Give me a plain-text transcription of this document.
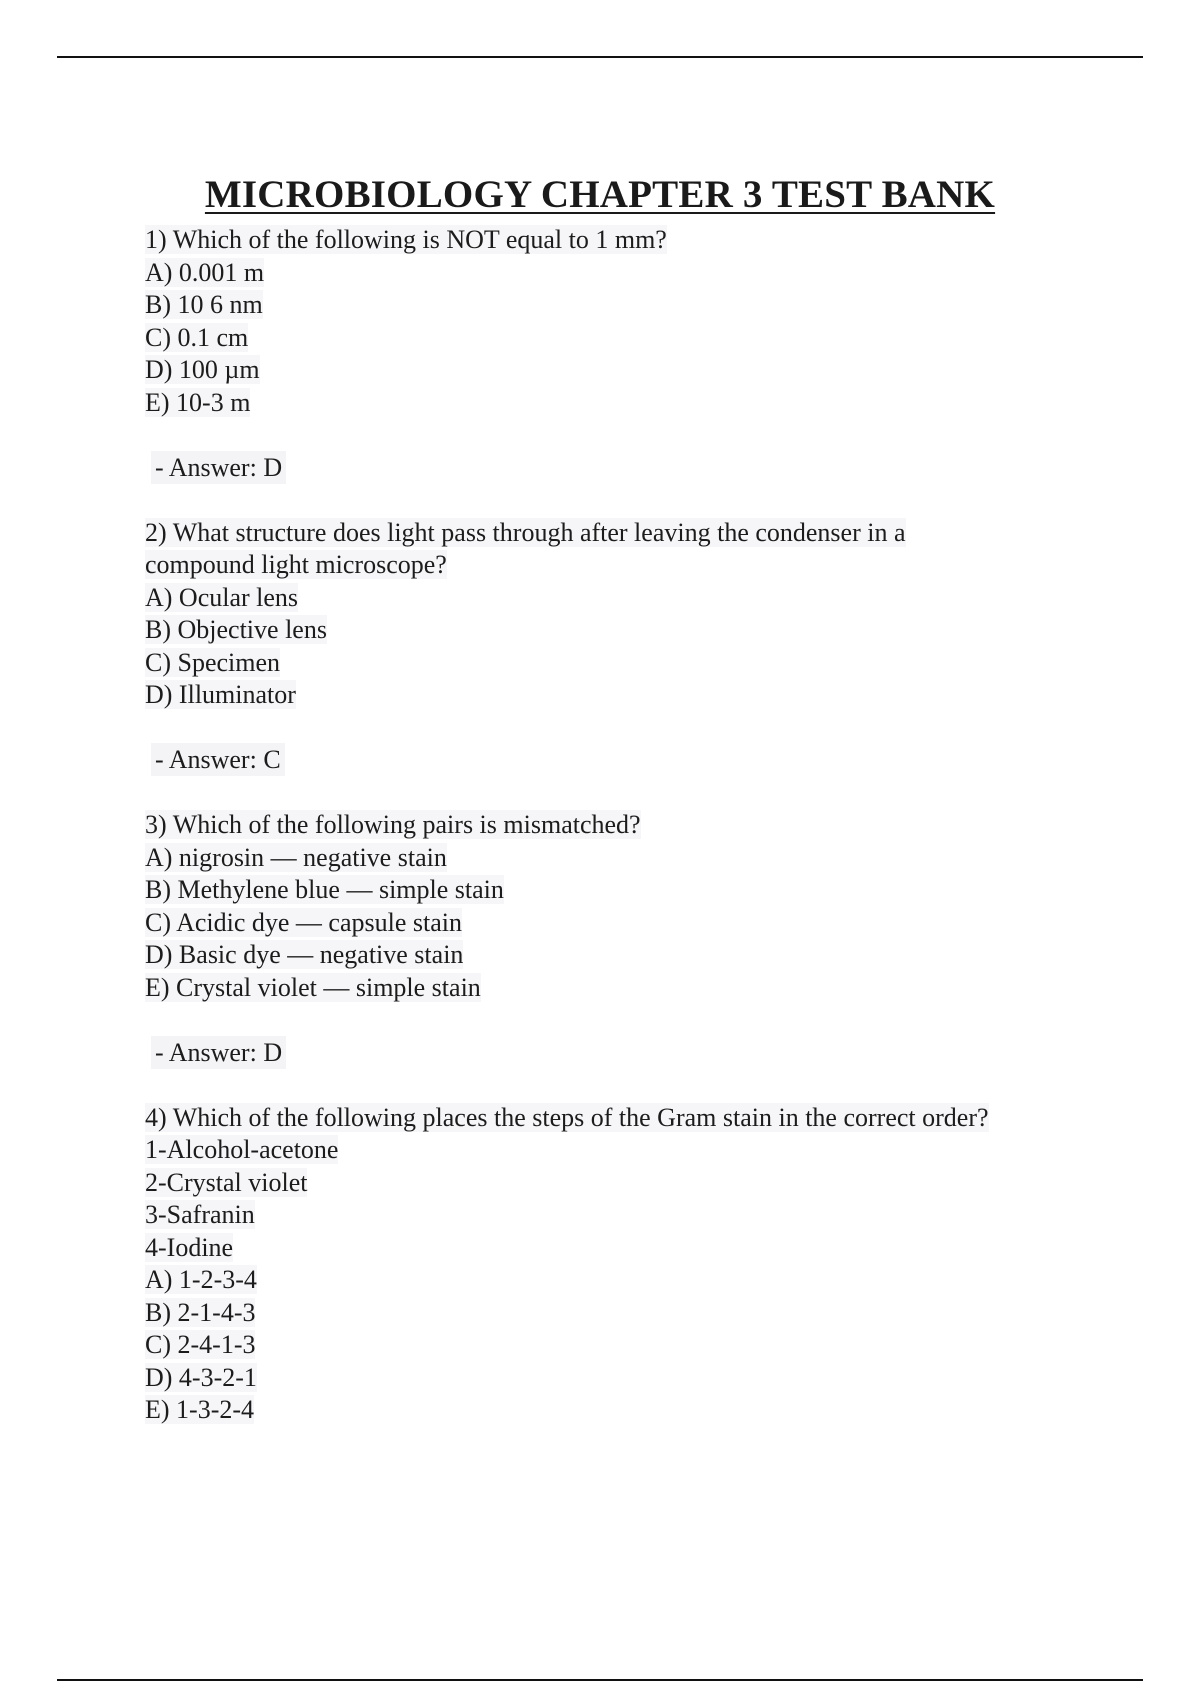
MICROBIOLOGY CHAPTER 3 TEST BANK
1) Which of the following is NOT equal to 1 mm?
A) 0.001 m
B) 10 6 nm
C) 0.1 cm
D) 100 µm
E) 10-3 m
- Answer: D
2) What structure does light pass through after leaving the condenser in a compound light microscope?
A) Ocular lens
B) Objective lens
C) Specimen
D) Illuminator
- Answer: C
3) Which of the following pairs is mismatched?
A) nigrosin — negative stain
B) Methylene blue — simple stain
C) Acidic dye — capsule stain
D) Basic dye — negative stain
E) Crystal violet — simple stain
- Answer: D
4) Which of the following places the steps of the Gram stain in the correct order?
1-Alcohol-acetone
2-Crystal violet
3-Safranin
4-Iodine
A) 1-2-3-4
B) 2-1-4-3
C) 2-4-1-3
D) 4-3-2-1
E) 1-3-2-4
